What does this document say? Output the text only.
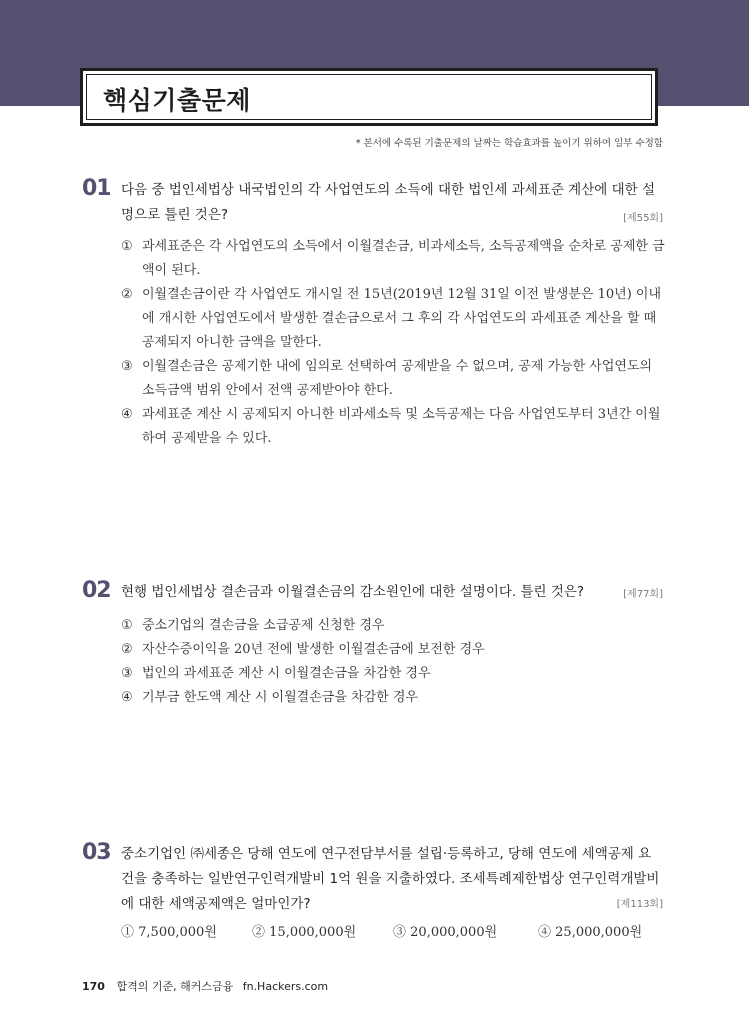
핵심기출문제
* 본서에 수록된 기출문제의 날짜는 학습효과를 높이기 위하여 일부 수정함
01 다음 중 법인세법상 내국법인의 각 사업연도의 소득에 대한 법인세 과세표준 계산에 대한 설명으로 틀린 것은?	[제55회]
① 과세표준은 각 사업연도의 소득에서 이월결손금, 비과세소득, 소득공제액을 순차로 공제한 금액이 된다.
② 이월결손금이란 각 사업연도 개시일 전 15년(2019년 12월 31일 이전 발생분은 10년) 이내에 개시한 사업연도에서 발생한 결손금으로서 그 후의 각 사업연도의 과세표준 계산을 할 때 공제되지 아니한 금액을 말한다.
③ 이월결손금은 공제기한 내에 임의로 선택하여 공제받을 수 없으며, 공제 가능한 사업연도의 소득금액 범위 안에서 전액 공제받아야 한다.
④ 과세표준 계산 시 공제되지 아니한 비과세소득 및 소득공제는 다음 사업연도부터 3년간 이월하여 공제받을 수 있다.
02 현행 법인세법상 결손금과 이월결손금의 감소원인에 대한 설명이다. 틀린 것은?	[제77회]
① 중소기업의 결손금을 소급공제 신청한 경우
② 자산수증이익을 20년 전에 발생한 이월결손금에 보전한 경우
③ 법인의 과세표준 계산 시 이월결손금을 차감한 경우
④ 기부금 한도액 계산 시 이월결손금을 차감한 경우
03 중소기업인 ㈜세종은 당해 연도에 연구전담부서를 설립·등록하고, 당해 연도에 세액공제 요건을 충족하는 일반연구인력개발비 1억 원을 지출하였다. 조세특례제한법상 연구인력개발비에 대한 세액공제액은 얼마인가?	[제113회]
① 7,500,000원	② 15,000,000원	③ 20,000,000원	④ 25,000,000원
170 합격의 기준, 해커스금융 fn.Hackers.com
